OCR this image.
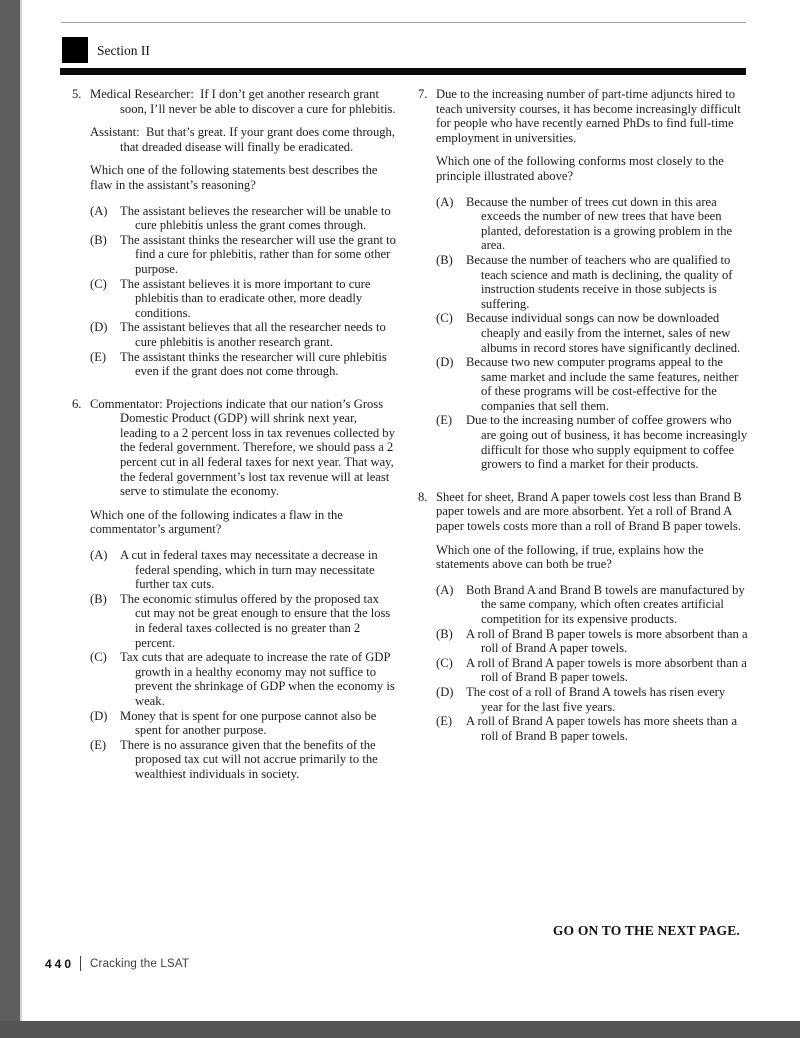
Section II
5. Medical Researcher:  If I don’t get another research grant soon, I’ll never be able to discover a cure for phlebitis.

Assistant:  But that’s great. If your grant does come through, that dreaded disease will finally be eradicated.

Which one of the following statements best describes the flaw in the assistant’s reasoning?

(A) The assistant believes the researcher will be unable to cure phlebitis unless the grant comes through.
(B)	The assistant thinks the researcher will use the grant to find a cure for phlebitis, rather than for some other purpose.
(C)	The assistant believes it is more important to cure phlebitis than to eradicate other, more deadly conditions.
(D) The assistant believes that all the researcher needs to cure phlebitis is another research grant.
(E)	The assistant thinks the researcher will cure phlebitis even if the grant does not come through.
6. Commentator: Projections indicate that our nation’s Gross Domestic Product (GDP) will shrink next year, leading to a 2 percent loss in tax revenues collected by the federal government. Therefore, we should pass a 2 percent cut in all federal taxes for next year. That way, the federal government’s lost tax revenue will at least serve to stimulate the economy.

Which one of the following indicates a flaw in the commentator’s argument?

(A) A cut in federal taxes may necessitate a decrease in federal spending, which in turn may necessitate further tax cuts.
(B)	The economic stimulus offered by the proposed tax cut may not be great enough to ensure that the loss in federal taxes collected is no greater than 2 percent.
(C)	Tax cuts that are adequate to increase the rate of GDP growth in a healthy economy may not suffice to prevent the shrinkage of GDP when the economy is weak.
(D) Money that is spent for one purpose cannot also be spent for another purpose.
(E)	There is no assurance given that the benefits of the proposed tax cut will not accrue primarily to the wealthiest individuals in society.
7. Due to the increasing number of part-time adjuncts hired to teach university courses, it has become increasingly difficult for people who have recently earned PhDs to find full-time employment in universities.

Which one of the following conforms most closely to the principle illustrated above?

(A) Because the number of trees cut down in this area exceeds the number of new trees that have been planted, deforestation is a growing problem in the area.
(B)	Because the number of teachers who are qualified to teach science and math is declining, the quality of instruction students receive in those subjects is suffering.
(C)	Because individual songs can now be downloaded cheaply and easily from the internet, sales of new albums in record stores have significantly declined.
(D) Because two new computer programs appeal to the same market and include the same features, neither of these programs will be cost-effective for the companies that sell them.
(E)	Due to the increasing number of coffee growers who are going out of business, it has become increasingly difficult for those who supply equipment to coffee growers to find a market for their products.
8. Sheet for sheet, Brand A paper towels cost less than Brand B paper towels and are more absorbent. Yet a roll of Brand A paper towels costs more than a roll of Brand B paper towels.

Which one of the following, if true, explains how the statements above can both be true?

(A) Both Brand A and Brand B towels are manufactured by the same company, which often creates artificial competition for its expensive products.
(B)	A roll of Brand B paper towels is more absorbent than a roll of Brand A paper towels.
(C)	A roll of Brand A paper towels is more absorbent than a roll of Brand B paper towels.
(D) The cost of a roll of Brand A towels has risen every year for the last five years.
(E)	A roll of Brand A paper towels has more sheets than a roll of Brand B paper towels.
GO ON TO THE NEXT PAGE.
440 Cracking the LSAT
